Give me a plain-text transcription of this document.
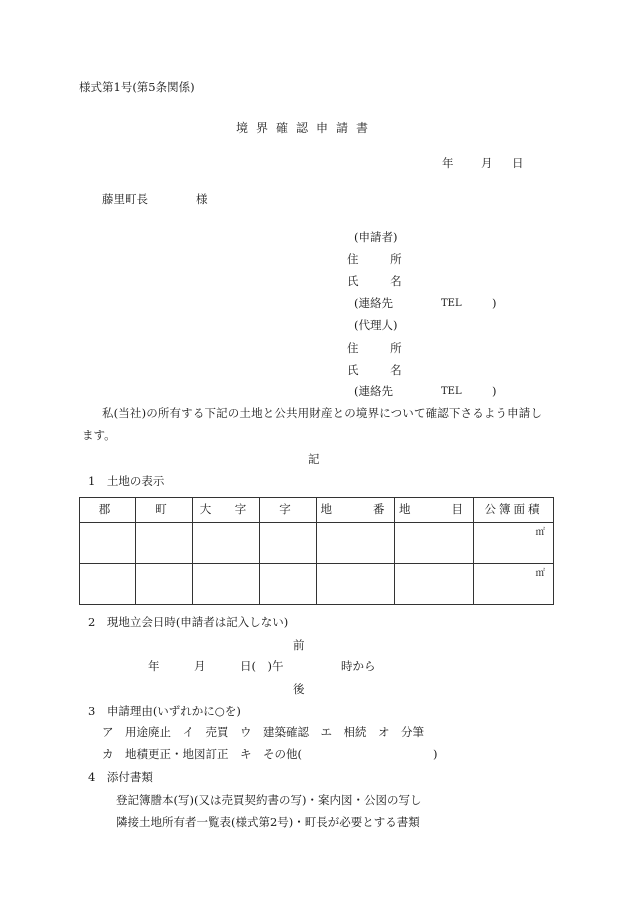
様式第1号(第5条関係)
境界確認申請書
年 月 日
藤里町長	様
(申請者)
住 所
氏 名
(連絡先	TEL	)
(代理人)
住 所
氏 名
(連絡先	TEL	)
私(当社)の所有する下記の土地と公共用財産との境界について確認下さるよう申請し
ます。
記
1　土地の表示
郡	町	大　字	字	地　　番	地　　目	公簿面積

						㎡

						㎡
2　現地立会日時(申請者は記入しない)
前
年　　　月　　　日(　)午　　　　　時から
後
3　申請理由(いずれかに○を)
ア　用途廃止　イ　売買　ウ　建築確認　エ　相続　オ　分筆
カ　地積更正・地図訂正　キ　その他(	)
4　添付書類
登記簿謄本(写)(又は売買契約書の写)・案内図・公図の写し
隣接土地所有者一覧表(様式第2号)・町長が必要とする書類
